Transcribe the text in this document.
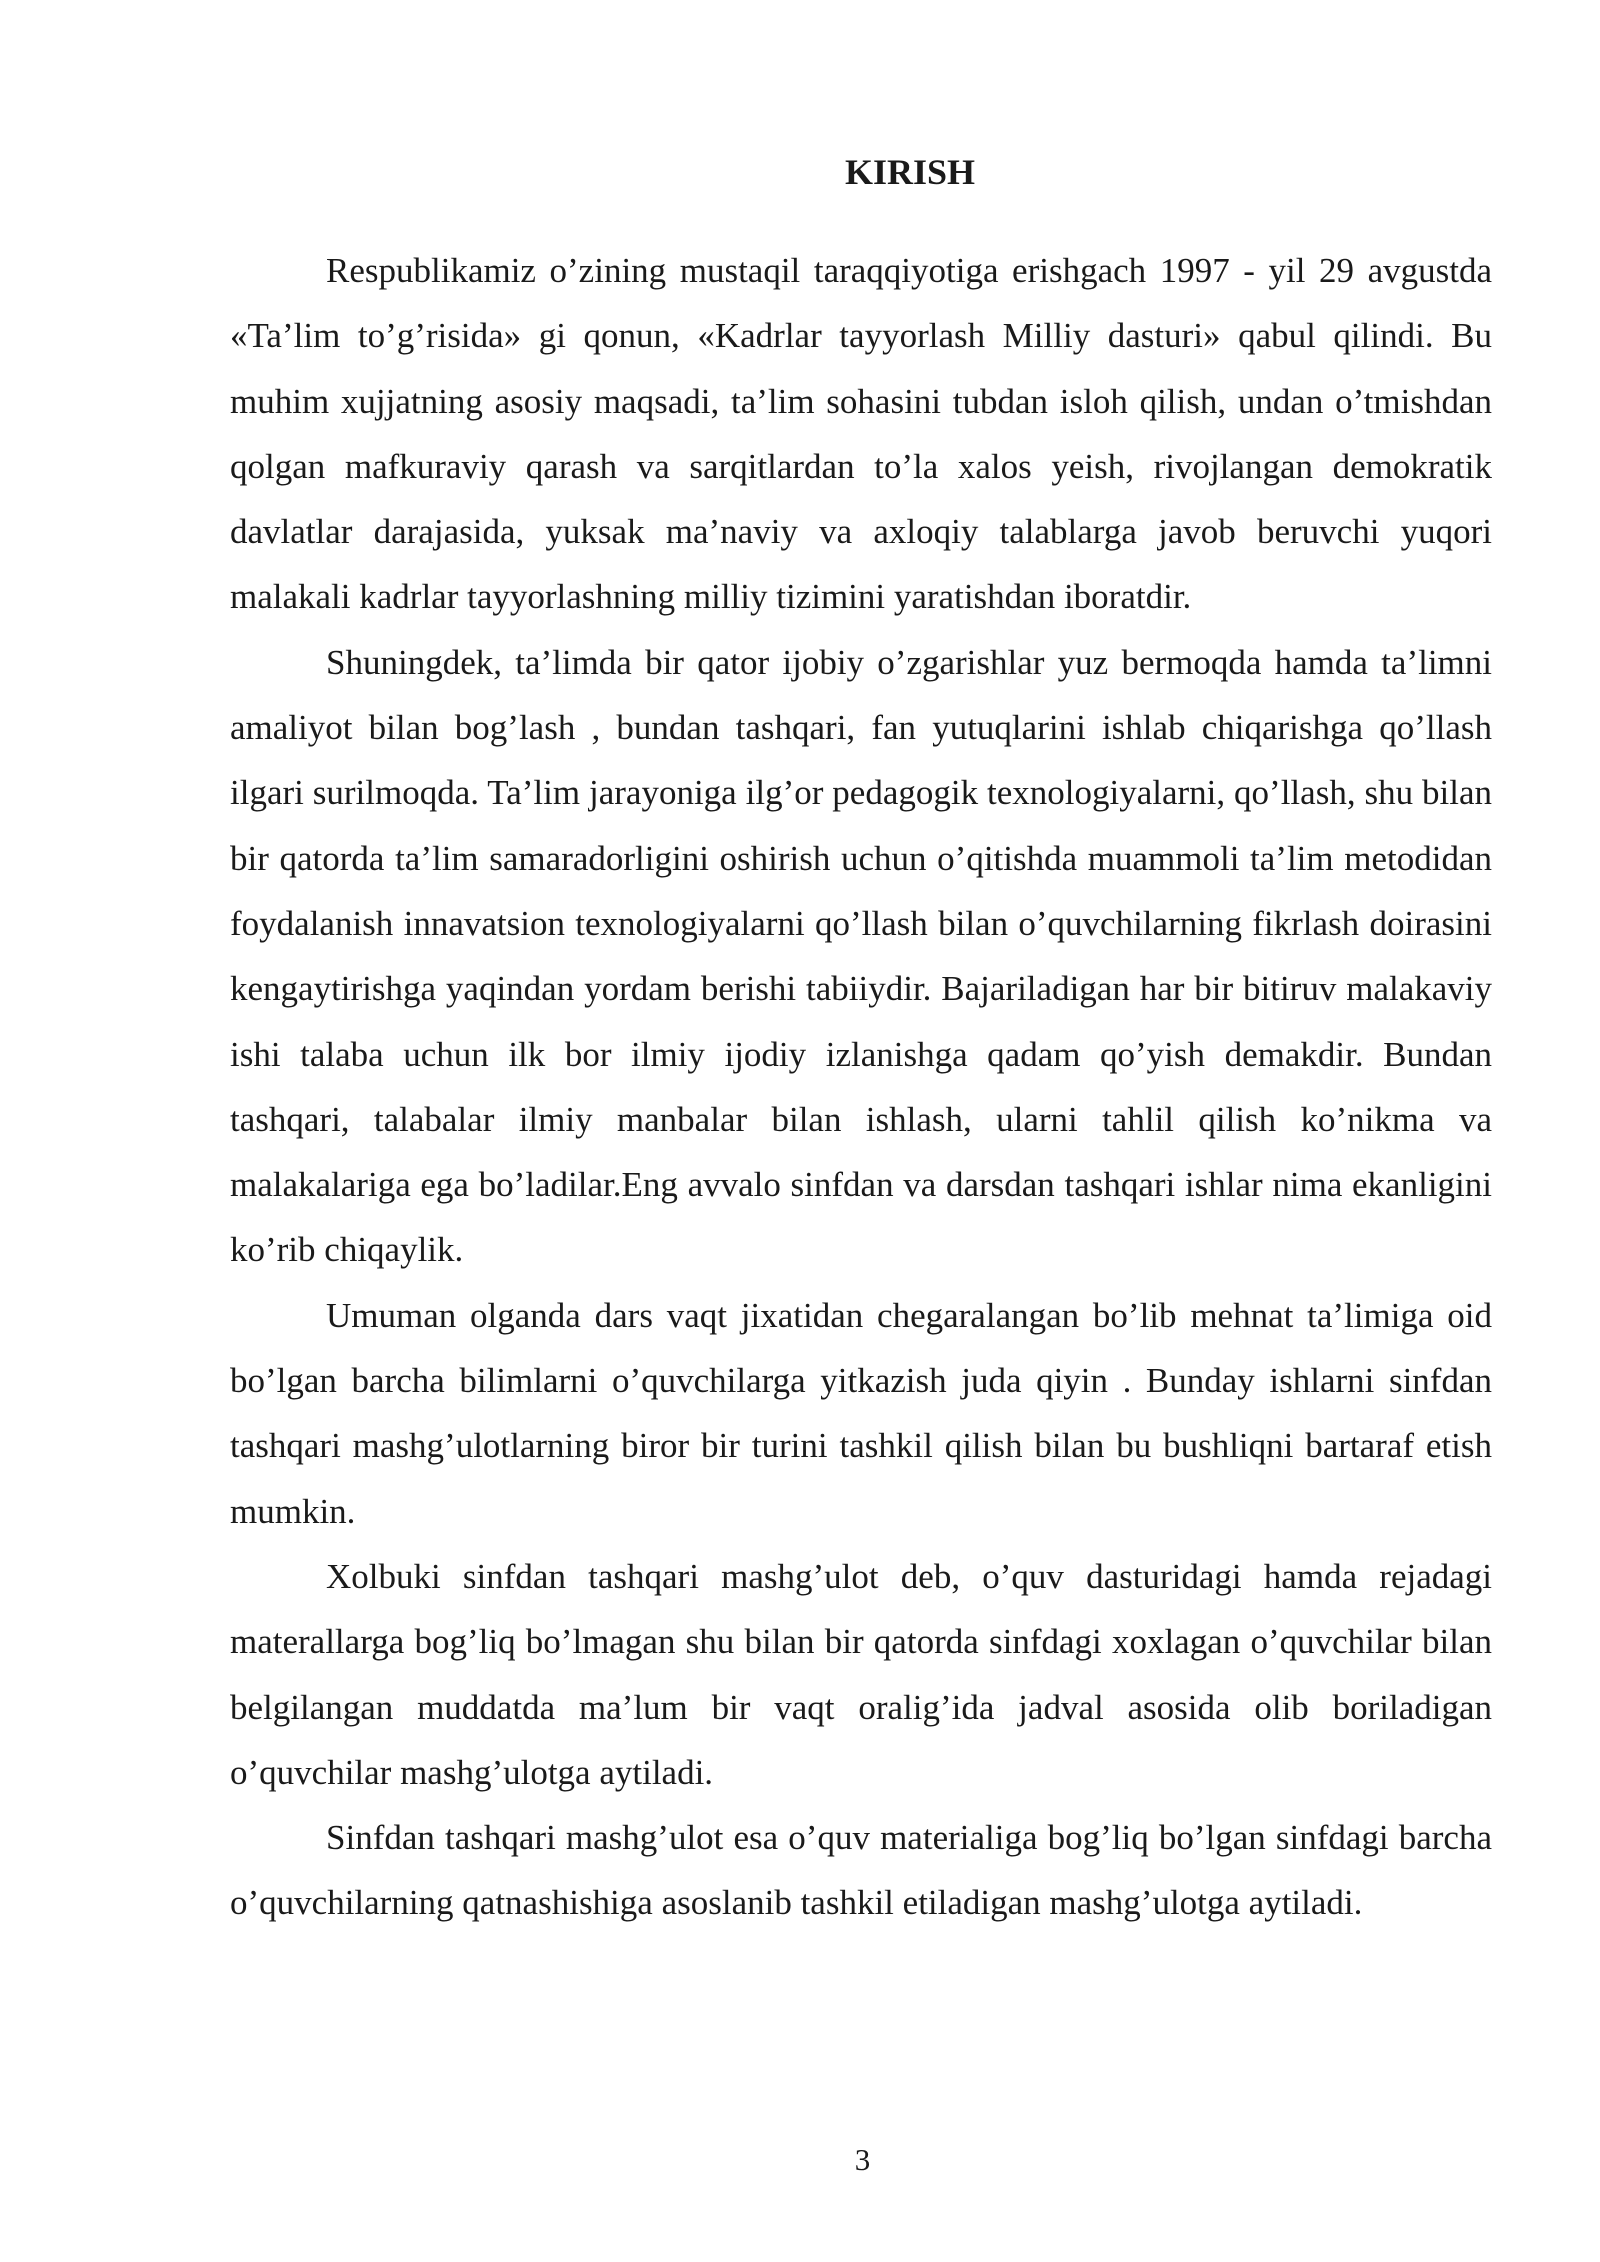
KIRISH

Respublikamiz o’zining mustaqil taraqqiyotiga erishgach 1997 - yil 29 avgustda «Ta’lim to’g’risida» gi qonun, «Kadrlar tayyorlash Milliy dasturi» qabul qilindi. Bu muhim xujjatning asosiy maqsadi, ta’lim sohasini tubdan isloh qilish, undan o’tmishdan qolgan mafkuraviy qarash va sarqitlardan to’la xalos yeish, rivojlangan demokratik davlatlar darajasida, yuksak ma’naviy va axloqiy talablarga javob beruvchi yuqori malakali kadrlar tayyorlashning milliy tizimini yaratishdan iboratdir.

Shuningdek, ta’limda bir qator ijobiy o’zgarishlar yuz bermoqda hamda ta’limni amaliyot bilan bog’lash , bundan tashqari, fan yutuqlarini ishlab chiqarishga qo’llash ilgari surilmoqda. Ta’lim jarayoniga ilg’or pedagogik texnologiyalarni, qo’llash, shu bilan bir qatorda ta’lim samaradorligini oshirish uchun o’qitishda muammoli ta’lim metodidan foydalanish innavatsion texnologiyalarni qo’llash bilan o’quvchilarning fikrlash doirasini kengaytirishga yaqindan yordam berishi tabiiydir. Bajariladigan har bir bitiruv malakaviy ishi talaba uchun ilk bor ilmiy ijodiy izlanishga qadam qo’yish demakdir. Bundan tashqari, talabalar ilmiy manbalar bilan ishlash, ularni tahlil qilish ko’nikma va malakalariga ega bo’ladilar.Eng avvalo sinfdan va darsdan tashqari ishlar nima ekanligini ko’rib chiqaylik.

Umuman olganda dars vaqt jixatidan chegaralangan bo’lib mehnat ta’limiga oid bo’lgan barcha bilimlarni o’quvchilarga yitkazish juda qiyin . Bunday ishlarni sinfdan tashqari mashg’ulotlarning biror bir turini tashkil qilish bilan bu bushliqni bartaraf etish mumkin.

Xolbuki sinfdan tashqari mashg’ulot deb, o’quv dasturidagi hamda rejadagi materallarga bog’liq bo’lmagan shu bilan bir qatorda sinfdagi xoxlagan o’quvchilar bilan belgilangan muddatda ma’lum bir vaqt oralig’ida jadval asosida olib boriladigan o’quvchilar mashg’ulotga aytiladi.

Sinfdan tashqari mashg’ulot esa o’quv materialiga bog’liq bo’lgan sinfdagi barcha o’quvchilarning qatnashishiga asoslanib tashkil etiladigan mashg’ulotga aytiladi.

3
